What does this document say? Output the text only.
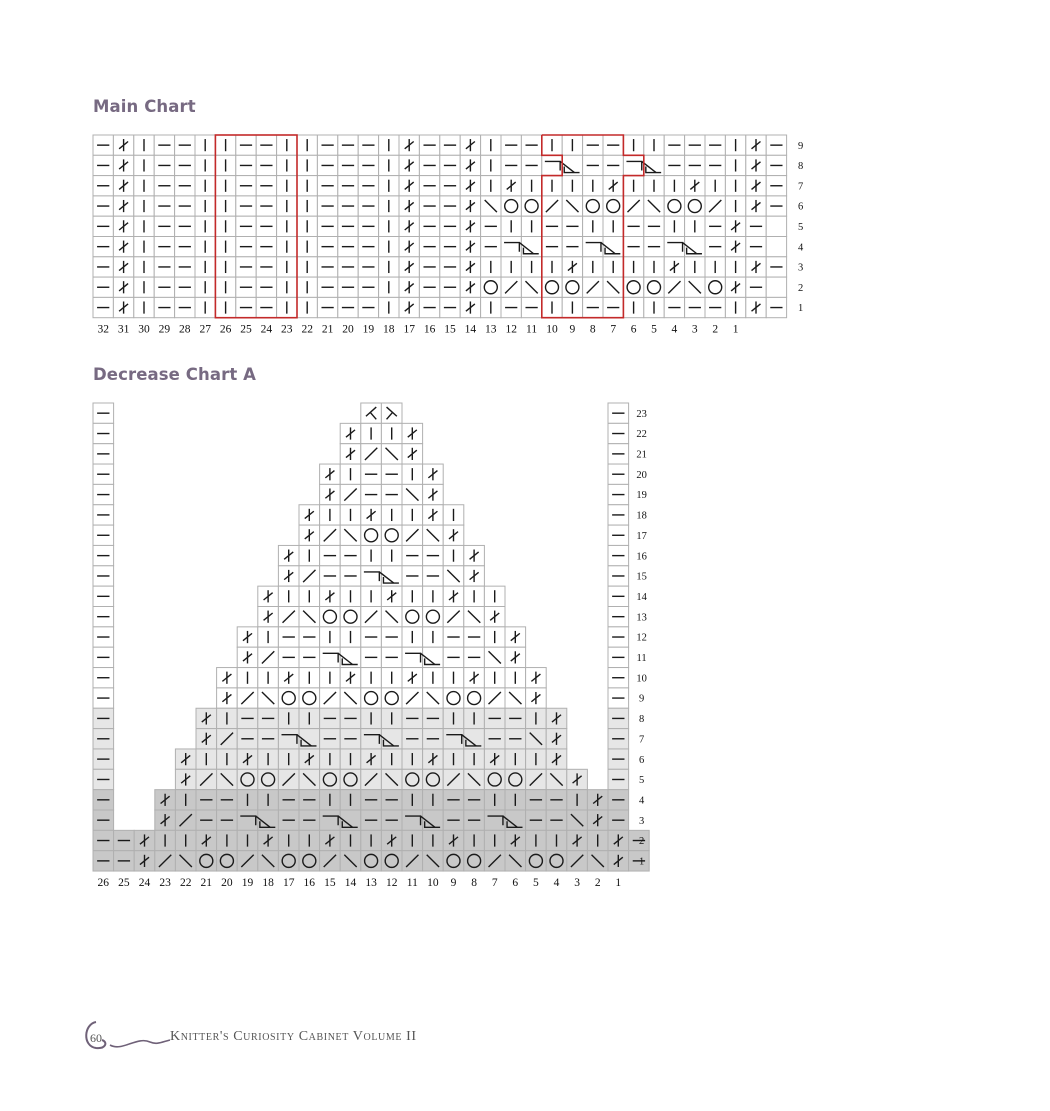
Main Chart
9
8
7
6
5
4
3
2
1
32 31 30 29 28 27 26 25 24 23 22 21 20 19 18 17 16 15 14 13 12 11 10 9 8 7 6 5 4 3 2 1
Decrease Chart A
23
22
21
20
19
18
17
16
15
14
13
12
11
10
9
8
7
6
5
4
3
2
1
26 25 24 23 22 21 20 19 18 17 16 15 14 13 12 11 10 9 8 7 6 5 4 3 2 1
60	Knitter's Curiosity Cabinet Volume II
